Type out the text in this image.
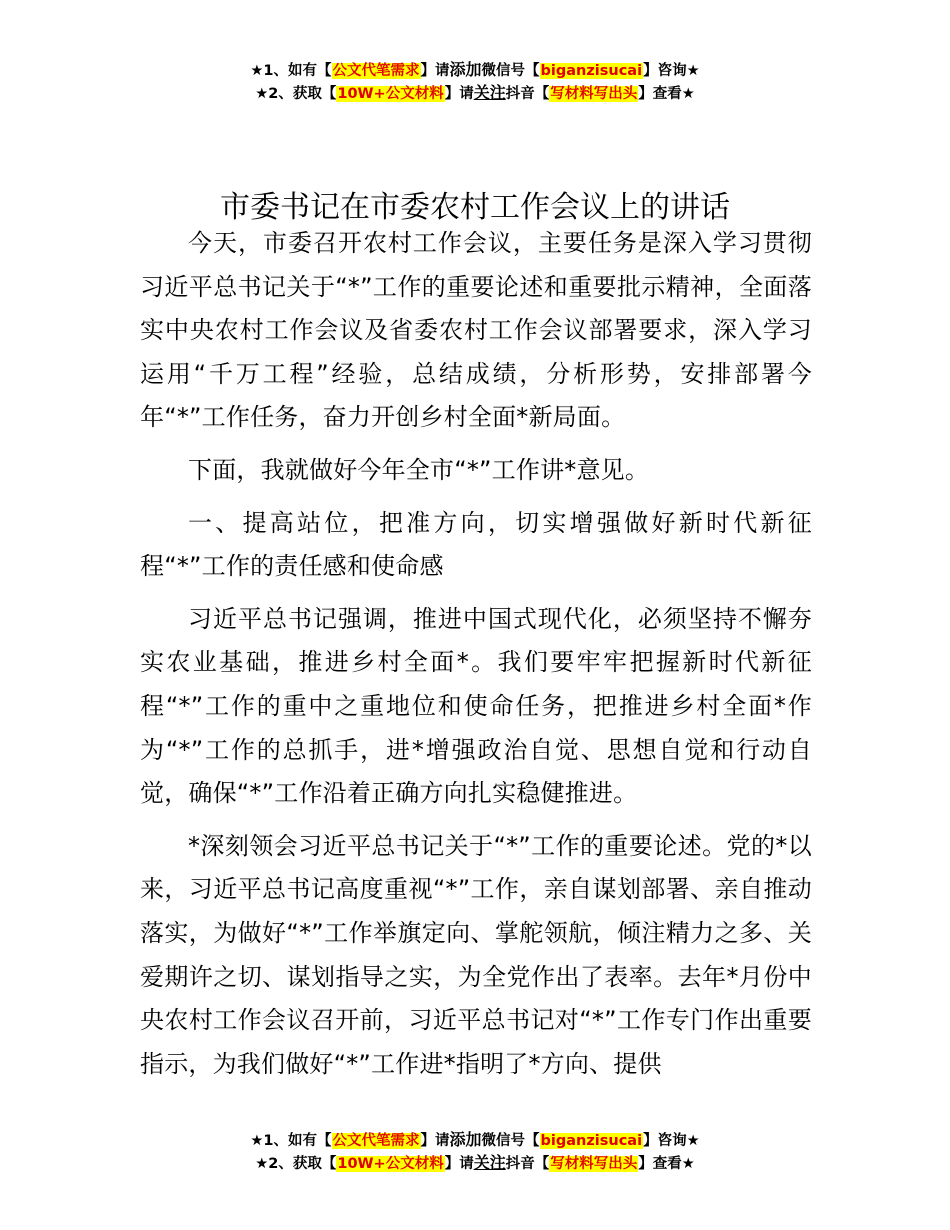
★1、如有【公文代笔需求】请添加微信号【biganzisucai】咨询★
★2、获取【10W+公文材料】请关注抖音【写材料写出头】查看★
市委书记在市委农村工作会议上的讲话

今天，市委召开农村工作会议，主要任务是深入学习贯彻习近平总书记关于“*”工作的重要论述和重要批示精神，全面落实中央农村工作会议及省委农村工作会议部署要求，深入学习运用“千万工程”经验，总结成绩，分析形势，安排部署今年“*”工作任务，奋力开创乡村全面*新局面。

下面，我就做好今年全市“*”工作讲*意见。

一、提高站位，把准方向，切实增强做好新时代新征程“*”工作的责任感和使命感

习近平总书记强调，推进中国式现代化，必须坚持不懈夯实农业基础，推进乡村全面*。我们要牢牢把握新时代新征程“*”工作的重中之重地位和使命任务，把推进乡村全面*作为“*”工作的总抓手，进*增强政治自觉、思想自觉和行动自觉，确保“*”工作沿着正确方向扎实稳健推进。

*深刻领会习近平总书记关于“*”工作的重要论述。党的*以来，习近平总书记高度重视“*”工作，亲自谋划部署、亲自推动落实，为做好“*”工作举旗定向、掌舵领航，倾注精力之多、关爱期许之切、谋划指导之实，为全党作出了表率。去年*月份中央农村工作会议召开前，习近平总书记对“*”工作专门作出重要指示，为我们做好“*”工作进*指明了*方向、提供

★1、如有【公文代笔需求】请添加微信号【biganzisucai】咨询★
★2、获取【10W+公文材料】请关注抖音【写材料写出头】查看★
